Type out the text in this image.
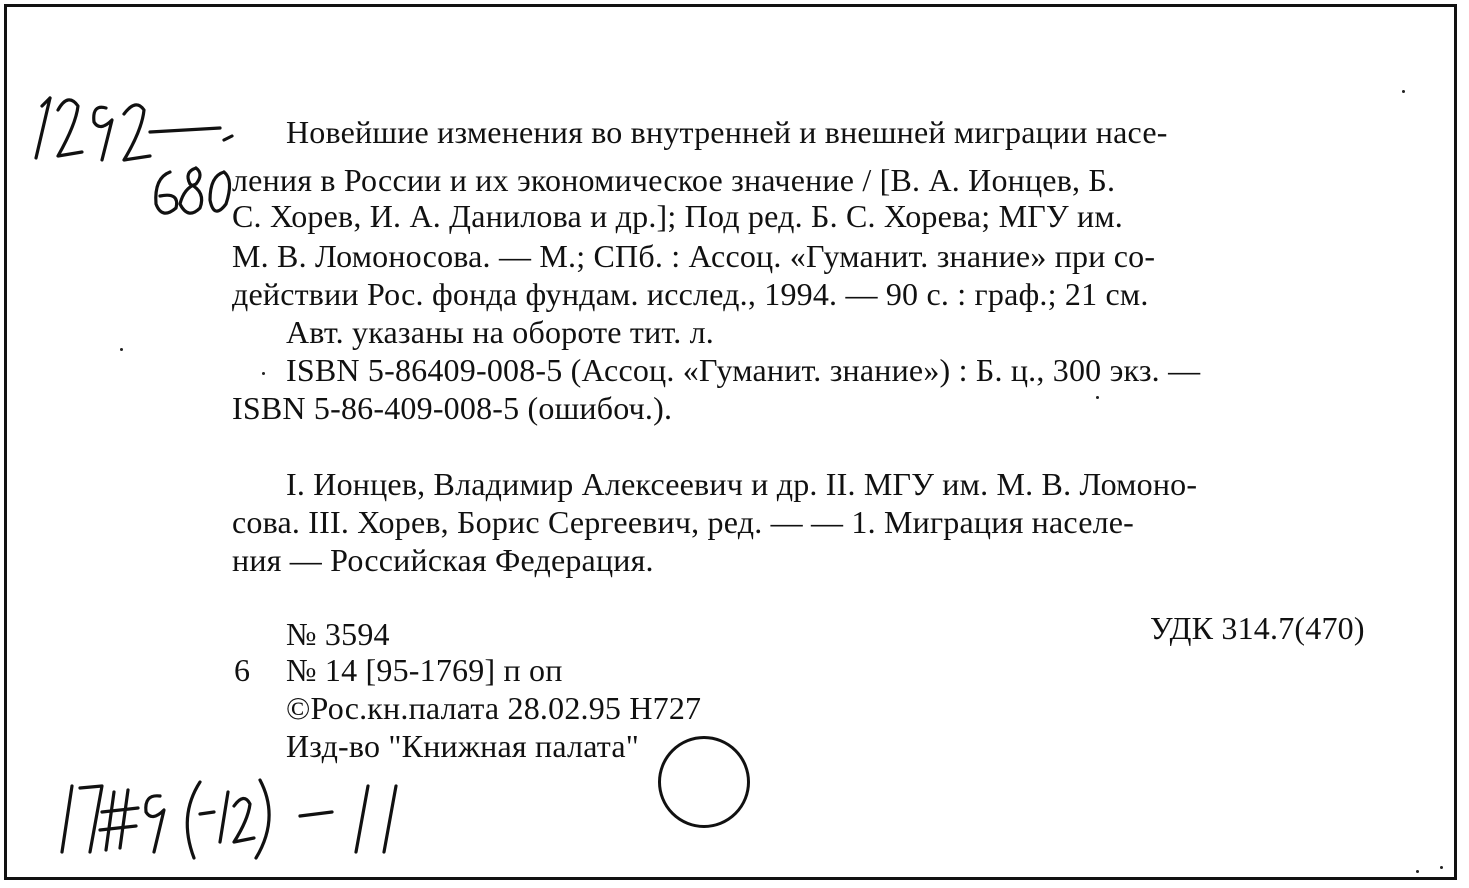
Новейшие изменения во внутренней и внешней миграции насе-
ления в России и их экономическое значение / [В. А. Ионцев, Б.
С. Хорев, И. А. Данилова и др.]; Под ред. Б. С. Хорева; МГУ им.
М. В. Ломоносова. — М.; СПб. : Ассоц. «Гуманит. знание» при со-
действии Рос. фонда фундам. исслед., 1994. — 90 с. : граф.; 21 см.
Авт. указаны на обороте тит. л.
ISBN 5-86409-008-5 (Ассоц. «Гуманит. знание») : Б. ц., 300 экз. —
ISBN 5-86-409-008-5 (ошибоч.).
I. Ионцев, Владимир Алексеевич и др. II. МГУ им. М. В. Ломоно-
сова. III. Хорев, Борис Сергеевич, ред. — — 1. Миграция населе-
ния — Российская Федерация.
№ 3594	УДК 314.7(470)
6 № 14 [95-1769] п оп
©Рос.кн.палата 28.02.95 Н727
Изд-во "Книжная палата"
